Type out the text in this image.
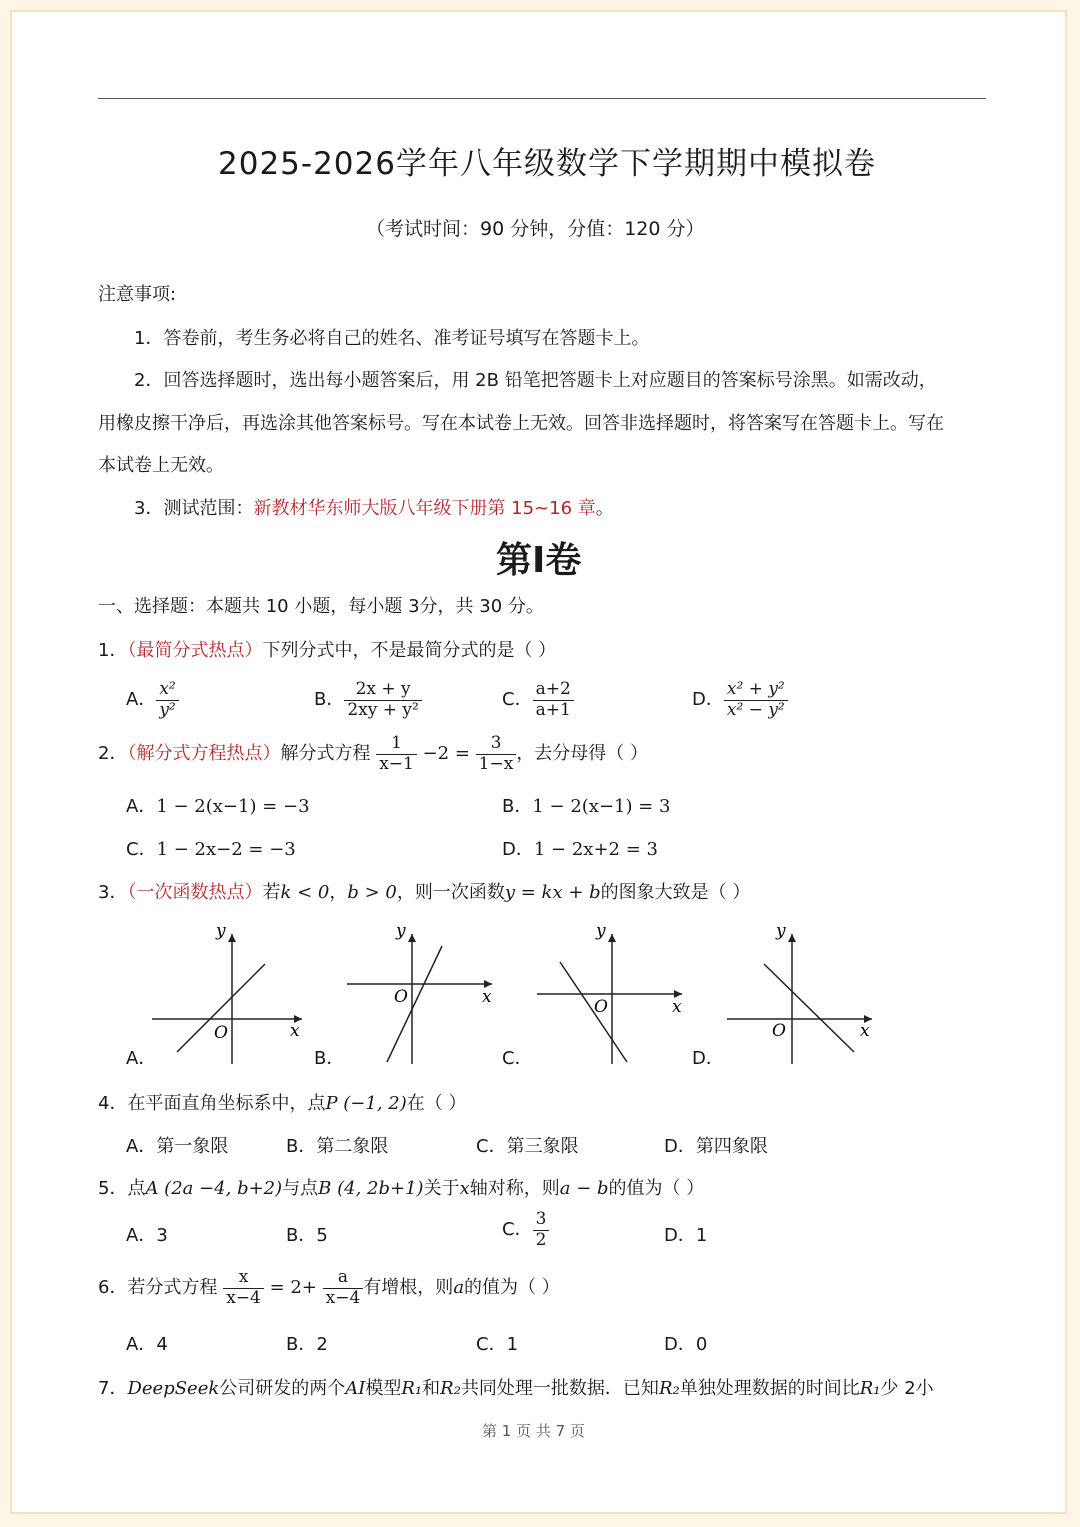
2025-2026学年八年级数学下学期期中模拟卷
（考试时间：90 分钟，分值：120 分）
注意事项:
1．答卷前，考生务必将自己的姓名、准考证号填写在答题卡上。
2．回答选择题时，选出每小题答案后，用 2B 铅笔把答题卡上对应题目的答案标号涂黑。如需改动，
用橡皮擦干净后，再选涂其他答案标号。写在本试卷上无效。回答非选择题时，将答案写在答题卡上。写在
本试卷上无效。
3．测试范围：新教材华东师大版八年级下册第 15~16 章。
第I卷
一、选择题：本题共 10 小题，每小题 3分，共 30 分。
1．（最简分式热点）下列分式中，不是最简分式的是（ ）
A． $\frac{\text{x²}}{\text{y²}}$	B． $\frac{2x + y}{\text{2xy + y²}}$	C． $\frac{a+2}{a+1}$	D． $\frac{\text{x² + y²}}{\text{x² − y²}}$
2．（解分式方程热点）解分式方程 $\frac{1}{x-1} -2 = \frac{3}{1-x}$ ，去分母得（ ）
A．1 − 2(x−1) = −3	B．1 − 2(x−1) = 3
C．1 − 2x−2 = −3	D．1 − 2x+2 = 3
3．（一次函数热点）若k < 0，b > 0，则一次函数y = kx + b的图象大致是（ ）
y
x
O
A．
y
x
O
B．
y
x
O
C．
y
x
O
D．
4．在平面直角坐标系中，点P (−1, 2)在（ ）
A．第一象限	B．第二象限	C．第三象限	D．第四象限
5．点A (2a −4, b+2)与点B (4, 2b+1)关于x轴对称，则a − b的值为（ ）
A．3	B．5	C． $\frac{3}{2}$	D．1
6．若分式方程 $\frac{x}{x-4} = 2+ \frac{a}{x-4}$ 有增根，则a的值为（ ）
A．4	B．2	C．1	D．0
7．DeepSeek公司研发的两个AI模型R₁和R₂共同处理一批数据．已知R₂单独处理数据的时间比R₁少 2小
第 1 页 共 7 页
